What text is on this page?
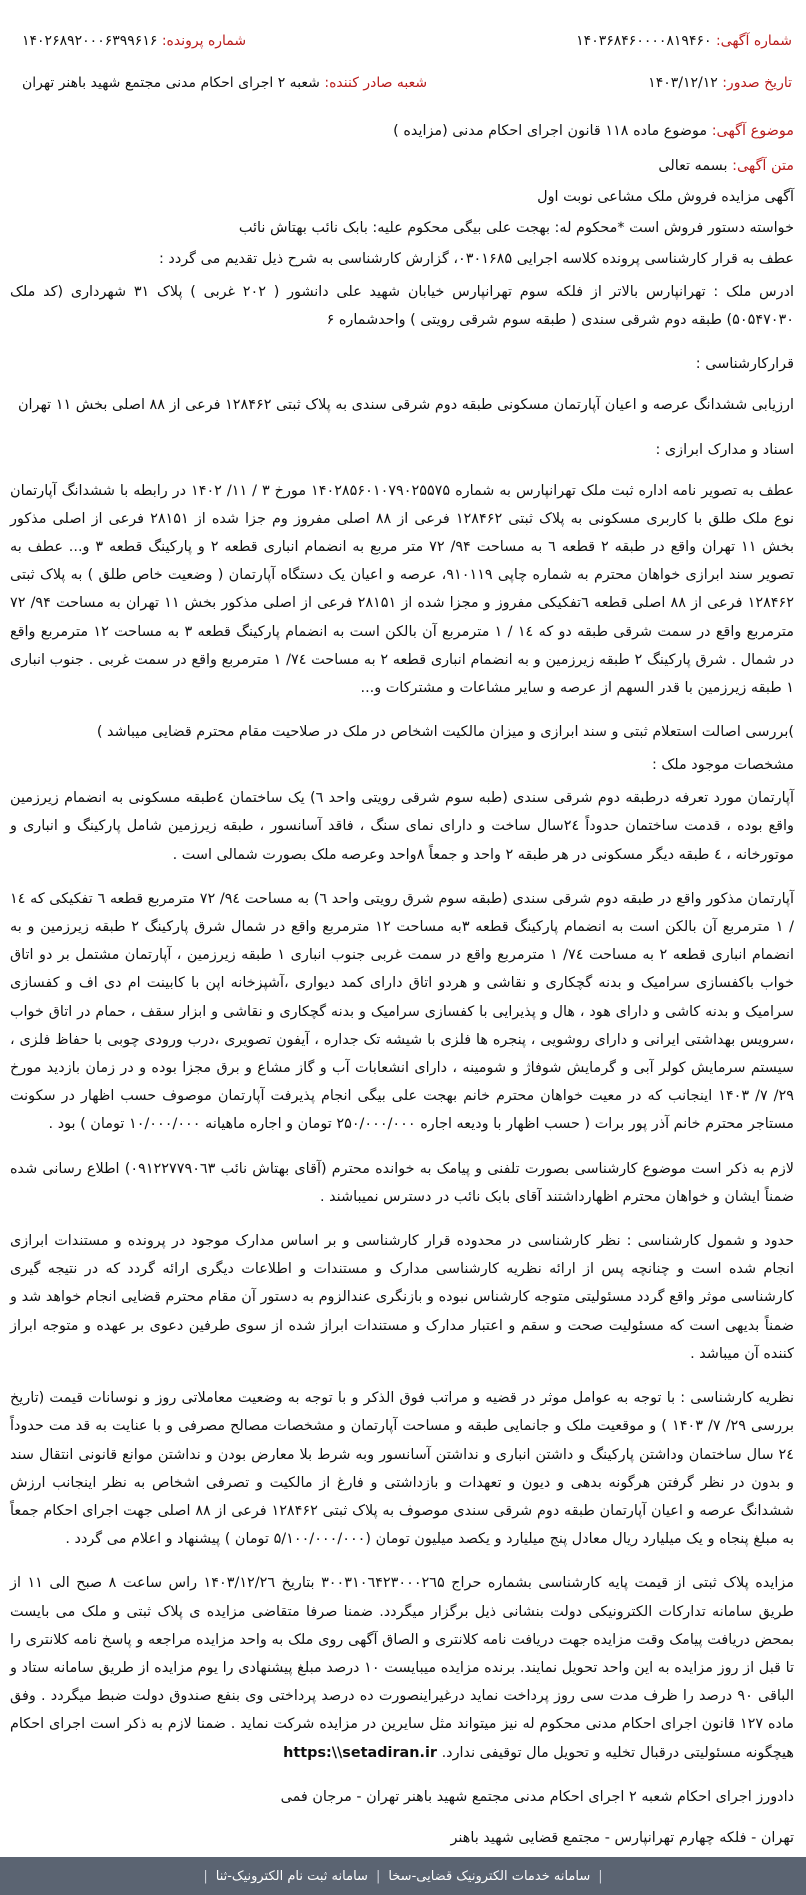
شماره آگهی: ۱۴۰۳۶۸۴۶۰۰۰۰۸۱۹۴۶۰
شماره پرونده: ۱۴۰۲۶۸۹۲۰۰۰۶۳۹۹۶۱۶
تاریخ صدور: ۱۴۰۳/۱۲/۱۲
شعبه صادر کننده: شعبه ۲ اجرای احکام مدنی مجتمع شهید باهنر تهران

موضوع آگهی: موضوع ماده ۱۱۸ قانون اجرای احکام مدنی (مزایده )

متن آگهی: بسمه تعالی

آگهی مزایده فروش ملک مشاعی نوبت اول

خواسته دستور فروش است *محکوم له: بهجت علی بیگی محکوم علیه: بابک نائب بهتاش نائب

عطف به قرار کارشناسی پرونده کلاسه اجرایی ۰۳۰۱۶۸۵، گزارش کارشناسی به شرح ذیل تقدیم می گردد :

ادرس ملک : تهرانپارس بالاتر از فلکه سوم تهرانپارس خیابان شهید علی دانشور ( ۲۰۲ غربی ) پلاک ۳۱ شهرداری (کد ملک ۵۰۵۴۷۰۳۰) طبقه دوم شرقی سندی ( طبقه سوم شرقی رویتی ) واحدشماره ۶

قرارکارشناسی :

ارزیابی ششدانگ عرصه و اعیان آپارتمان مسکونی طبقه دوم شرقی سندی به پلاک ثبتی ۱۲۸۴۶۲ فرعی از ۸۸ اصلی بخش ۱۱ تهران

اسناد و مدارک ابرازی :

عطف به تصویر نامه اداره ثبت ملک تهرانپارس به شماره ۱۴۰۲۸۵۶۰۱۰۷۹۰۲۵۵۷۵ مورخ ۳ / ۱۱/ ۱۴۰۲ در رابطه با ششدانگ آپارتمان نوع ملک طلق با کاربری مسکونی به پلاک ثبتی ۱۲۸۴۶۲ فرعی از ۸۸ اصلی مفروز وم جزا شده از ۲۸۱۵۱ فرعی از اصلی مذکور بخش ۱۱ تهران واقع در طبقه ۲ قطعه ٦ به مساحت ۹۴/ ۷۲ متر مربع به انضمام انباری قطعه ۲ و پارکینگ قطعه ۳ و... عطف به تصویر سند ابرازی خواهان محترم به شماره چاپی ۹۱۰۱۱۹، عرصه و اعیان یک دستگاه آپارتمان ( وضعیت خاص طلق ) به پلاک ثبتی ۱۲۸۴۶۲ فرعی از ۸۸ اصلی قطعه ٦تفکیکی مفروز و مجزا شده از ۲۸۱۵۱ فرعی از اصلی مذکور بخش ۱۱ تهران به مساحت ۹۴/ ۷۲ مترمربع واقع در سمت شرقی طبقه دو که ۱٤ / ۱ مترمربع آن بالکن است به انضمام پارکینگ قطعه ۳ به مساحت ۱۲ مترمربع واقع در شمال . شرق پارکینگ ۲ طبقه زیرزمین و به انضمام انباری قطعه ۲ به مساحت ۷٤/ ۱ مترمربع واقع در سمت غربی . جنوب انباری ۱ طبقه زیرزمین با قدر السهم از عرصه و سایر مشاعات و مشترکات و...

)بررسی اصالت استعلام ثبتی و سند ابرازی و میزان مالکیت اشخاص در ملک در صلاحیت مقام محترم قضایی میباشد )

مشخصات موجود ملک :

آپارتمان مورد تعرفه درطبقه دوم شرقی سندی (طبه سوم شرقی رویتی واحد ٦) یک ساختمان ٤طبقه مسکونی به انضمام زیرزمین واقع بوده ، قدمت ساختمان حدوداً ۲٤سال ساخت و دارای نمای سنگ ، فاقد آسانسور ، طبقه زیرزمین شامل پارکینگ و انباری و موتورخانه ، ٤ طبقه دیگر مسکونی در هر طبقه ۲ واحد و جمعاً ۸واحد وعرصه ملک بصورت شمالی است .

آپارتمان مذکور واقع در طبقه دوم شرقی سندی (طبقه سوم شرق رویتی واحد ٦) به مساحت ۹٤/ ۷۲ مترمربع قطعه ٦ تفکیکی که ۱٤ / ۱ مترمربع آن بالکن است به انضمام پارکینگ قطعه ۳به مساحت ۱۲ مترمربع واقع در شمال شرق پارکینگ ۲ طبقه زیرزمین و به انضمام انباری قطعه ۲ به مساحت ۷٤/ ۱ مترمربع واقع در سمت غربی جنوب انباری ۱ طبقه زیرزمین ، آپارتمان مشتمل بر دو اتاق خواب باکفسازی سرامیک و بدنه گچکاری و نقاشی و هردو اتاق دارای کمد دیواری ،آشپزخانه اپن با کابینت ام دی اف و کفسازی سرامیک و بدنه کاشی و دارای هود ، هال و پذیرایی با کفسازی سرامیک و بدنه گچکاری و نقاشی و ابزار سقف ، حمام در اتاق خواب ،سرویس بهداشتی ایرانی و دارای روشویی ، پنجره ها فلزی با شیشه تک جداره ، آیفون تصویری ،درب ورودی چوبی با حفاظ فلزی ، سیستم سرمایش کولر آبی و گرمایش شوفاژ و شومینه ، دارای انشعابات آب و گاز مشاع و برق مجزا بوده و در زمان بازدید مورخ ۲۹/ ۷/ ۱۴۰۳ اینجانب که در معیت خواهان محترم خانم بهجت علی بیگی انجام پذیرفت آپارتمان موصوف حسب اظهار در سکونت مستاجر محترم خانم آذر پور برات ( حسب اظهار با ودیعه اجاره ۲۵۰/۰۰۰/۰۰۰ تومان و اجاره ماهیانه ۱۰/۰۰۰/۰۰۰ تومان ) بود .

لازم به ذکر است موضوع کارشناسی بصورت تلفنی و پیامک به خوانده محترم (آقای بهتاش نائب ۰۹۱۲۲۷۷۹۰٦۳) اطلاع رسانی شده ضمناً ایشان و خواهان محترم اظهارداشتند آقای بابک نائب در دسترس نمیباشند .

حدود و شمول کارشناسی : نظر کارشناسی در محدوده قرار کارشناسی و بر اساس مدارک موجود در پرونده و مستندات ابرازی انجام شده است و چنانچه پس از ارائه نظریه کارشناسی مدارک و مستندات و اطلاعات دیگری ارائه گردد که در نتیجه گیری کارشناسی موثر واقع گردد مسئولیتی متوجه کارشناس نبوده و بازنگری عندالزوم به دستور آن مقام محترم قضایی انجام خواهد شد و ضمناً بدیهی است که مسئولیت صحت و سقم و اعتبار مدارک و مستندات ابراز شده از سوی طرفین دعوی بر عهده و متوجه ابراز کننده آن میباشد .

نظریه کارشناسی : با توجه به عوامل موثر در قضیه و مراتب فوق الذکر و با توجه به وضعیت معاملاتی روز و نوسانات قیمت (تاریخ بررسی ۲۹/ ۷/ ۱۴۰۳ ) و موقعیت ملک و جانمایی طبقه و مساحت آپارتمان و مشخصات مصالح مصرفی و با عنایت به قد مت حدوداً ۲٤ سال ساختمان وداشتن پارکینگ و داشتن انباری و نداشتن آسانسور وبه شرط بلا معارض بودن و نداشتن موانع قانونی انتقال سند و بدون در نظر گرفتن هرگونه بدهی و دیون و تعهدات و بازداشتی و فارغ از مالکیت و تصرفی اشخاص به نظر اینجانب ارزش ششدانگ عرصه و اعیان آپارتمان طبقه دوم شرقی سندی موصوف به پلاک ثبتی ۱۲۸۴۶۲ فرعی از ۸۸ اصلی جهت اجرای احکام جمعاً به مبلغ پنجاه و یک میلیارد ریال معادل پنج میلیارد و یکصد میلیون تومان (۵/۱۰۰/۰۰۰/۰۰۰ تومان ) پیشنهاد و اعلام می گردد .

مزایده پلاک ثبتی از قیمت پایه کارشناسی بشماره حراج ۳۰۰۳۱۰٦۴۲۳۰۰۰۲٦۵ بتاریخ ۱۴۰۳/۱۲/۲٦ راس ساعت ۸ صبح الی ۱۱ از طریق سامانه تدارکات الکترونیکی دولت بنشانی ذیل برگزار میگردد. ضمنا صرفا متقاضی مزایده ی پلاک ثبتی و ملک می بایست بمحض دریافت پیامک وقت مزایده جهت دریافت نامه کلانتری و الصاق آگهی روی ملک به واحد مزایده مراجعه و پاسخ نامه کلانتری را تا قبل از روز مزایده به این واحد تحویل نمایند. برنده مزایده میبایست ۱۰ درصد مبلغ پیشنهادی را یوم مزایده از طریق سامانه ستاد و الباقی ۹۰ درصد را ظرف مدت سی روز پرداخت نماید درغیراینصورت ده درصد پرداختی وی بنفع صندوق دولت ضبط میگردد . وفق ماده ۱۲۷ قانون اجرای احکام مدنی محکوم له نیز میتواند مثل سایرین در مزایده شرکت نماید . ضمنا لازم به ذکر است اجرای احکام هیچگونه مسئولیتی درقبال تخلیه و تحویل مال توقیفی ندارد. https:\\setadiran.ir

دادورز اجرای احکام شعبه ۲ اجرای احکام مدنی مجتمع شهید باهنر تهران - مرجان فمی

تهران - فلکه چهارم تهرانپارس - مجتمع قضایی شهید باهنر

|
سامانه خدمات الکترونیک قضایی-سخا
|
سامانه ثبت نام الکترونیک-ثنا
|
